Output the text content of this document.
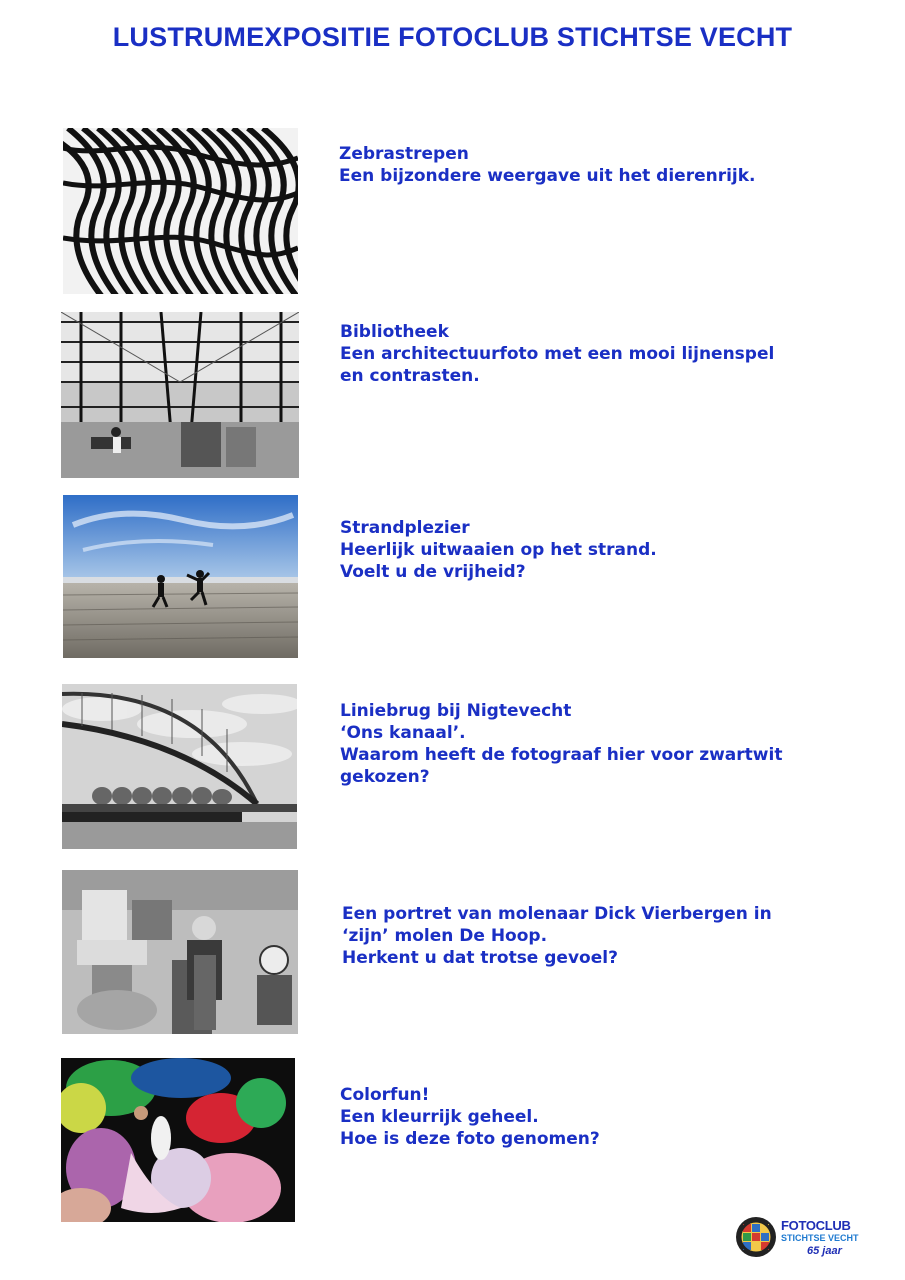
LUSTRUMEXPOSITIE FOTOCLUB STICHTSE VECHT
Zebrastrepen
Een bijzondere weergave uit het dierenrijk.
Bibliotheek
Een architectuurfoto met een mooi lijnenspel
en contrasten.
Strandplezier
Heerlijk uitwaaien op het strand.
Voelt u de vrijheid?
Liniebrug bij Nigtevecht
‘Ons kanaal’.
Waarom heeft de fotograaf hier voor zwartwit
gekozen?
Een portret van molenaar Dick Vierbergen in
‘zijn’ molen De Hoop.
Herkent u dat trotse gevoel?
Colorfun!
Een kleurrijk geheel.
Hoe is deze foto genomen?
FOTOCLUB
STICHTSE VECHT
65 jaar
